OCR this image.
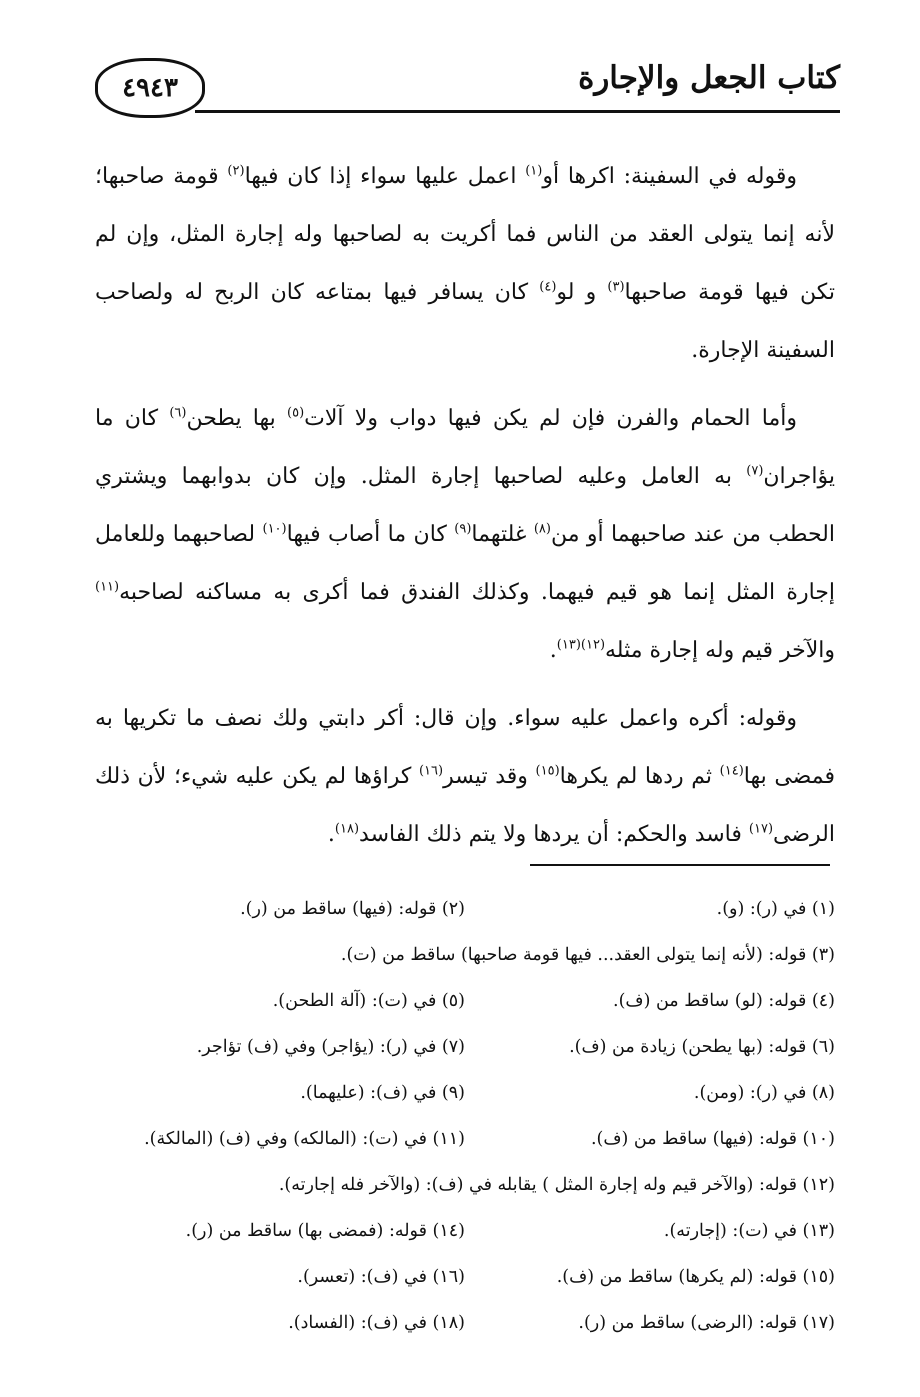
٤٩٤٣	كتاب الجعل والإجارة

وقوله في السفينة: اكرها أو$^{(١)}$ اعمل عليها سواء إذا كان فيها$^{(٢)}$ قومة صاحبها؛ لأنه إنما يتولى العقد من الناس فما أكريت به لصاحبها وله إجارة المثل، وإن لم تكن فيها قومة صاحبها$^{(٣)}$ و لو$^{(٤)}$ كان يسافر فيها بمتاعه كان الربح له ولصاحب السفينة الإجارة.

وأما الحمام والفرن فإن لم يكن فيها دواب ولا آلات$^{(٥)}$ بها يطحن$^{(٦)}$ كان ما يؤاجران$^{(٧)}$ به العامل وعليه لصاحبها إجارة المثل. وإن كان بدوابهما ويشتري الحطب من عند صاحبهما أو من$^{(٨)}$ غلتهما$^{(٩)}$ كان ما أصاب فيها$^{(١٠)}$ لصاحبهما وللعامل إجارة المثل إنما هو قيم فيهما. وكذلك الفندق فما أكرى به مساكنه لصاحبه$^{(١١)}$ والآخر قيم وله إجارة مثله$^{(١٢)(١٣)}$.

وقوله: أكره واعمل عليه سواء. وإن قال: أكر دابتي ولك نصف ما تكريها به فمضى بها$^{(١٤)}$ ثم ردها لم يكرها$^{(١٥)}$ وقد تيسر$^{(١٦)}$ كراؤها لم يكن عليه شيء؛ لأن ذلك الرضى$^{(١٧)}$ فاسد والحكم: أن يردها ولا يتم ذلك الفاسد$^{(١٨)}$.

(١) في (ر): (و).
(٢) قوله: (فيها) ساقط من (ر).
(٣) قوله: (لأنه إنما يتولى العقد... فيها قومة صاحبها) ساقط من (ت).
(٤) قوله: (لو) ساقط من (ف).
(٥) في (ت): (آلة الطحن).
(٦) قوله: (بها يطحن) زيادة من (ف).
(٧) في (ر): (يؤاجر) وفي (ف) تؤاجر.
(٨) في (ر): (ومن).
(٩) في (ف): (عليهما).
(١٠) قوله: (فيها) ساقط من (ف).
(١١) في (ت): (المالكه) وفي (ف) (المالكة).
(١٢) قوله: (والآخر قيم وله إجارة المثل ) يقابله في (ف): (والآخر فله إجارته).
(١٣) في (ت): (إجارته).
(١٤) قوله: (فمضى بها) ساقط من (ر).
(١٥) قوله: (لم يكرها) ساقط من (ف).
(١٦) في (ف): (تعسر).
(١٧) قوله: (الرضى) ساقط من (ر).
(١٨) في (ف): (الفساد).
